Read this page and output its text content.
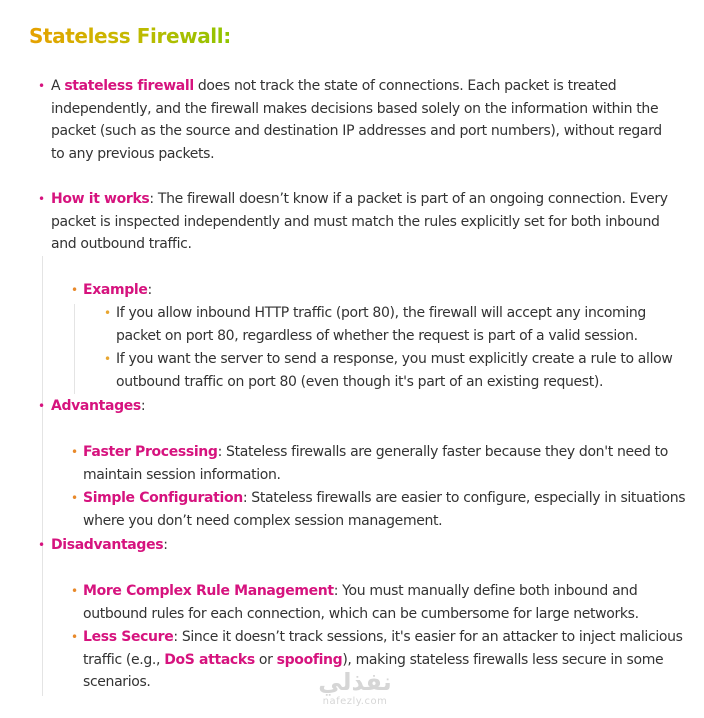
Stateless Firewall:
• A stateless firewall does not track the state of connections. Each packet is treated
independently, and the firewall makes decisions based solely on the information within the
packet (such as the source and destination IP addresses and port numbers), without regard
to any previous packets.
• How it works: The firewall doesn’t know if a packet is part of an ongoing connection. Every
packet is inspected independently and must match the rules explicitly set for both inbound
and outbound traffic.
• Example:
• If you allow inbound HTTP traffic (port 80), the firewall will accept any incoming
packet on port 80, regardless of whether the request is part of a valid session.
• If you want the server to send a response, you must explicitly create a rule to allow
outbound traffic on port 80 (even though it's part of an existing request).
• Advantages:
• Faster Processing: Stateless firewalls are generally faster because they don't need to
maintain session information.
• Simple Configuration: Stateless firewalls are easier to configure, especially in situations
where you don’t need complex session management.
• Disadvantages:
• More Complex Rule Management: You must manually define both inbound and
outbound rules for each connection, which can be cumbersome for large networks.
• Less Secure: Since it doesn’t track sessions, it's easier for an attacker to inject malicious
traffic (e.g., DoS attacks or spoofing), making stateless firewalls less secure in some
scenarios.	نفذلي
nafezly.com
